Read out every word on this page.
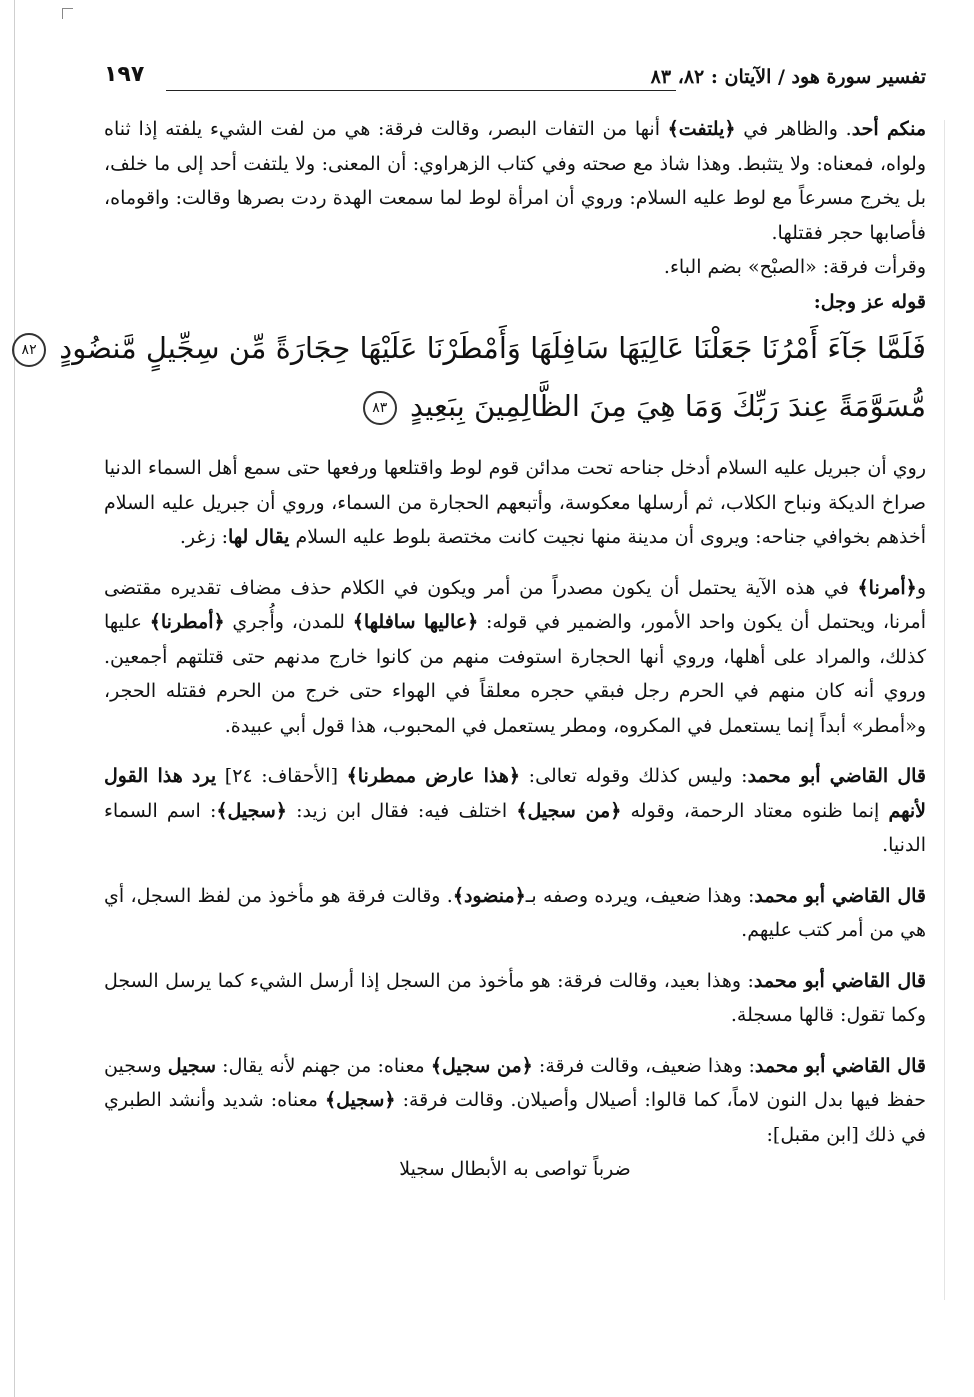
تفسير سورة هود / الآيتان : ٨٢، ٨٣
١٩٧

منكم أحد. والظاهر في ﴿يلتفت﴾ أنها من التفات البصر، وقالت فرقة: هي من لفت الشيء يلفته إذا ثناه ولواه، فمعناه: ولا يتثبط. وهذا شاذ مع صحته وفي كتاب الزهراوي: أن المعنى: ولا يلتفت أحد إلى ما خلف، بل يخرج مسرعاً مع لوط عليه السلام: وروي أن امرأة لوط لما سمعت الهدة ردت بصرها وقالت: واقوماه، فأصابها حجر فقتلها.

وقرأت فرقة: «الصبْح» بضم الباء.

قوله عز وجل:

فَلَمَّا جَآءَ أَمْرُنَا جَعَلْنَا عَالِيَهَا سَافِلَهَا وَأَمْطَرْنَا عَلَيْهَا حِجَارَةً مِّن سِجِّيلٍ مَّنضُودٍ ٨٢
مُّسَوَّمَةً عِندَ رَبِّكَ وَمَا هِيَ مِنَ الظَّالِمِينَ بِبَعِيدٍ ٨٣

روي أن جبريل عليه السلام أدخل جناحه تحت مدائن قوم لوط واقتلعها ورفعها حتى سمع أهل السماء الدنيا صراخ الديكة ونباح الكلاب، ثم أرسلها معكوسة، وأتبعهم الحجارة من السماء، وروي أن جبريل عليه السلام أخذهم بخوافي جناحه: ويروى أن مدينة منها نجيت كانت مختصة بلوط عليه السلام يقال لها: زغر.

و﴿أمرنا﴾ في هذه الآية يحتمل أن يكون مصدراً من أمر ويكون في الكلام حذف مضاف تقديره مقتضى أمرنا، ويحتمل أن يكون واحد الأمور، والضمير في قوله: ﴿عاليها سافلها﴾ للمدن، وأُجري ﴿أمطرنا﴾ عليها كذلك، والمراد على أهلها، وروي أنها الحجارة استوفت منهم من كانوا خارج مدنهم حتى قتلتهم أجمعين. وروي أنه كان منهم في الحرم رجل فبقي حجره معلقاً في الهواء حتى خرج من الحرم فقتله الحجر، و«أمطر» أبداً إنما يستعمل في المكروه، ومطر يستعمل في المحبوب، هذا قول أبي عبيدة.

قال القاضي أبو محمد: وليس كذلك وقوله تعالى: ﴿هذا عارض ممطرنا﴾ [الأحقاف: ٢٤] يرد هذا القول لأنهم إنما ظنوه معتاد الرحمة، وقوله ﴿من سجيل﴾ اختلف فيه: فقال ابن زيد: ﴿سجيل﴾: اسم السماء الدنيا.

قال القاضي أبو محمد: وهذا ضعيف، ويرده وصفه بـ﴿منضود﴾. وقالت فرقة هو مأخوذ من لفظ السجل، أي هي من أمر كتب عليهم.

قال القاضي أبو محمد: وهذا بعيد، وقالت فرقة: هو مأخوذ من السجل إذا أرسل الشيء كما يرسل السجل وكما تقول: قالها مسجلة.

قال القاضي أبو محمد: وهذا ضعيف، وقالت فرقة: ﴿من سجيل﴾ معناه: من جهنم لأنه يقال: سجيل وسجين حفظ فيها بدل النون لاماً، كما قالوا: أصيلال وأصيلان. وقالت فرقة: ﴿سجيل﴾ معناه: شديد وأنشد الطبري في ذلك [ابن مقبل]:

ضرباً تواصى به الأبطال سجيلا
